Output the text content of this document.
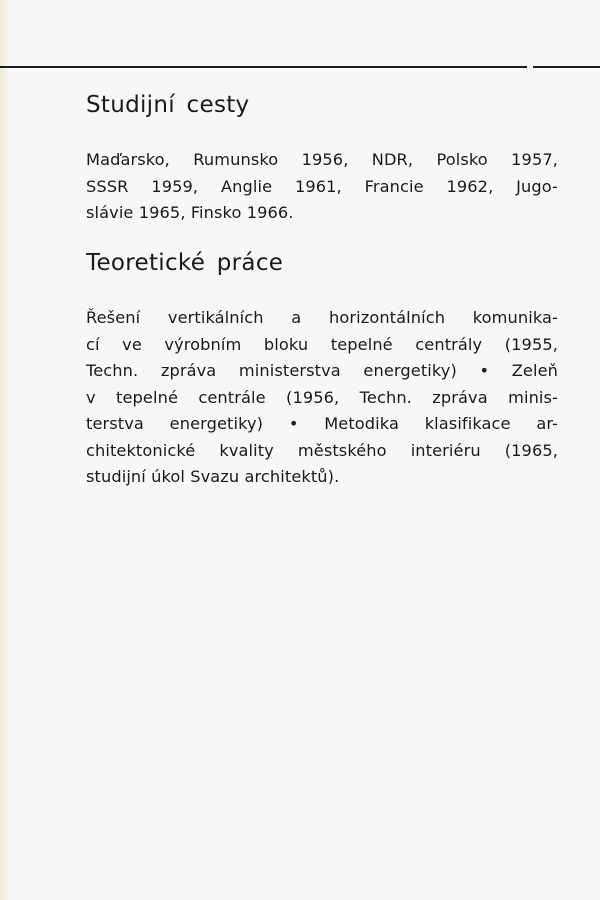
Studijní cesty

Maďarsko, Rumunsko 1956, NDR, Polsko 1957,
SSSR 1959, Anglie 1961, Francie 1962, Jugo-
slávie 1965, Finsko 1966.

Teoretické práce

Řešení vertikálních a horizontálních komunika-
cí ve výrobním bloku tepelné centrály (1955,
Techn. zpráva ministerstva energetiky) • Zeleň
v tepelné centrále (1956, Techn. zpráva minis-
terstva energetiky) • Metodika klasifikace ar-
chitektonické kvality městského interiéru (1965,
studijní úkol Svazu architektů).
